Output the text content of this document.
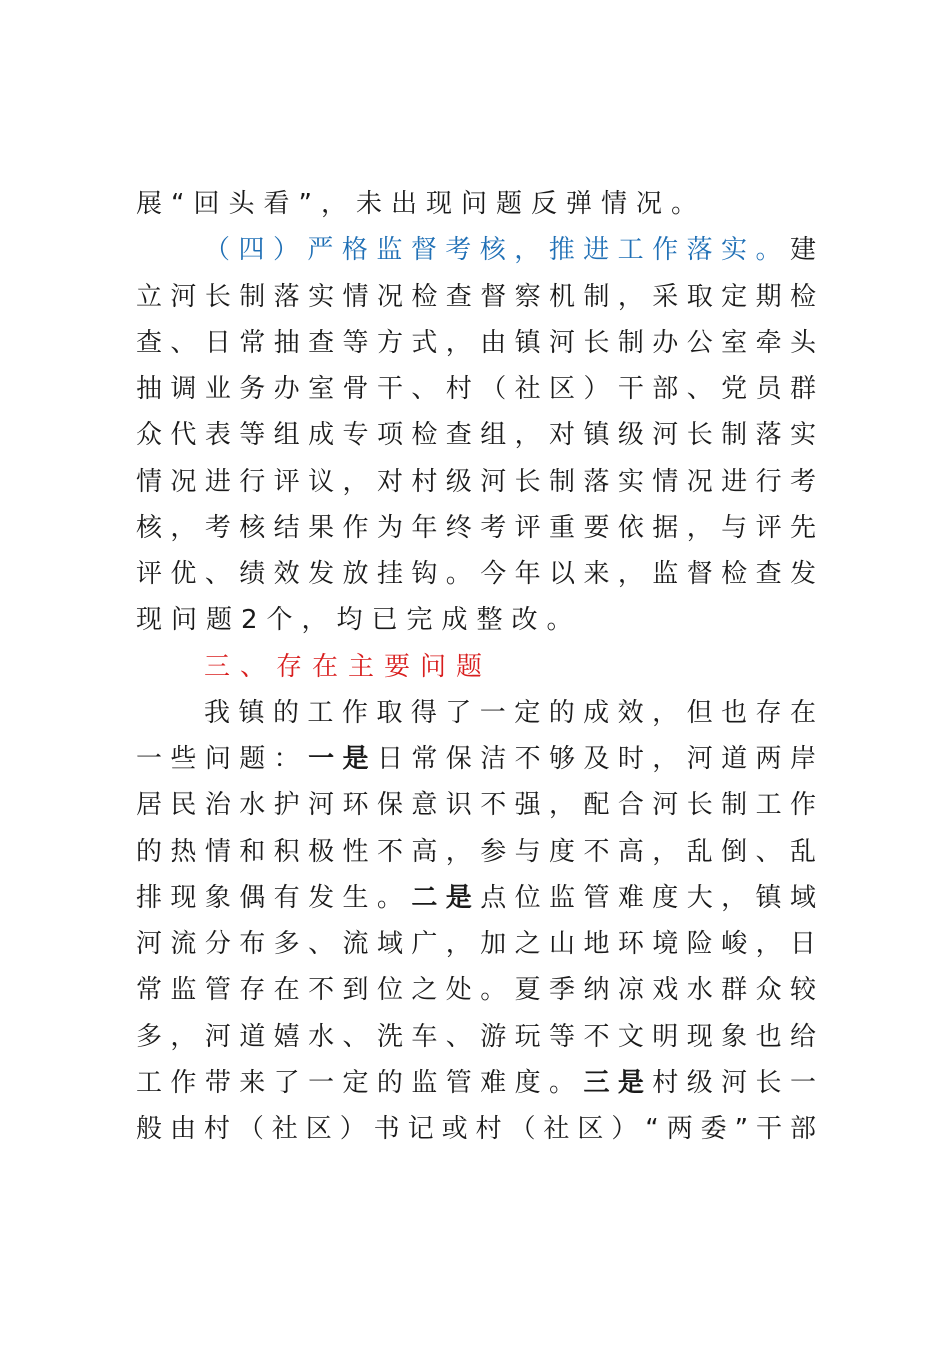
展“回头看”，未出现问题反弹情况。
（四）严格监督考核，推进工作落实。建
立河长制落实情况检查督察机制，采取定期检
查、日常抽查等方式，由镇河长制办公室牵头
抽调业务办室骨干、村（社区）干部、党员群
众代表等组成专项检查组，对镇级河长制落实
情况进行评议，对村级河长制落实情况进行考
核，考核结果作为年终考评重要依据，与评先
评优、绩效发放挂钩。今年以来，监督检查发
现问题2个，均已完成整改。
三、存在主要问题
我镇的工作取得了一定的成效，但也存在
一些问题：一是日常保洁不够及时，河道两岸
居民治水护河环保意识不强，配合河长制工作
的热情和积极性不高，参与度不高，乱倒、乱
排现象偶有发生。二是点位监管难度大，镇域
河流分布多、流域广，加之山地环境险峻，日
常监管存在不到位之处。夏季纳凉戏水群众较
多，河道嬉水、洗车、游玩等不文明现象也给
工作带来了一定的监管难度。三是村级河长一
般由村（社区）书记或村（社区）“两委”干部
